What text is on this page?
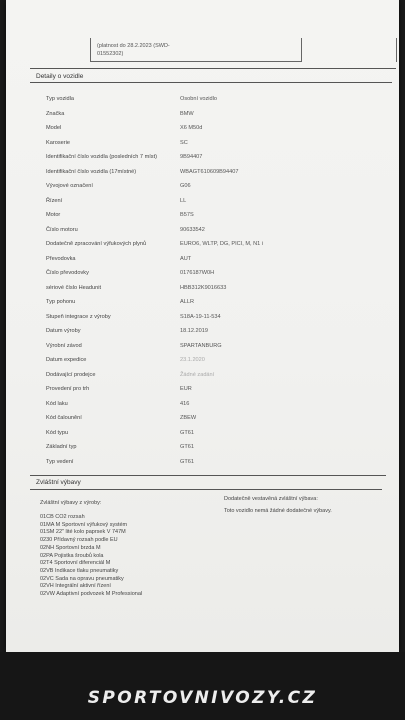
(platnost do 28.2.2023 (SWD-
01552302)
Detaily o vozidle
Typ vozidla	Osobní vozidlo
Značka	BMW
Model	X6 M50d
Karoserie	SC
Identifikační číslo vozidla (posledních 7 míst)	9B94407
Identifikační číslo vozidla (17místné)	WBAGT610609B94407
Vývojové označení	G06
Řízení	LL
Motor	B57S
Číslo motoru	90633542
Dodatečně zpracování výfukových plynů	EURO6, WLTP, DG, PICI, M, N1 i
Převodovka	AUT
Číslo převodovky	0176187W0H
sériové číslo Headunit	HBB312K9016633
Typ pohonu	ALLR
Stupeň integrace z výroby	S18A-19-11-534
Datum výroby	18.12.2019
Výrobní závod	SPARTANBURG
Datum expedice	23.1.2020
Dodávající prodejce	Žádné zadání
Provedení pro trh	EUR
Kód laku	416
Kód čalounění	ZBEW
Kód typu	GT61
Základní typ	GT61
Typ vedení	GT61
Zvláštní výbavy
Zvláštní výbavy z výroby:
01CB CO2 rozsah
01MA M Sportovní výfukový systém
01SM 22" lité kolo paprsek V 747M
0230 Přídavný rozsah podle EU
02NH Sportovní brzda M
02PA Pojistka šroubů kola
02T4 Sportovní diferenciál M
02VB Indikace tlaku pneumatiky
02VC Sada na opravu pneumatiky
02VH Integrální aktivní řízení
02VW Adaptivní podvozek M Professional
Dodatečně vestavěná zvláštní výbava:
Toto vozidlo nemá žádné dodatečné výbavy.
SPORTOVNIVOZY.CZ
